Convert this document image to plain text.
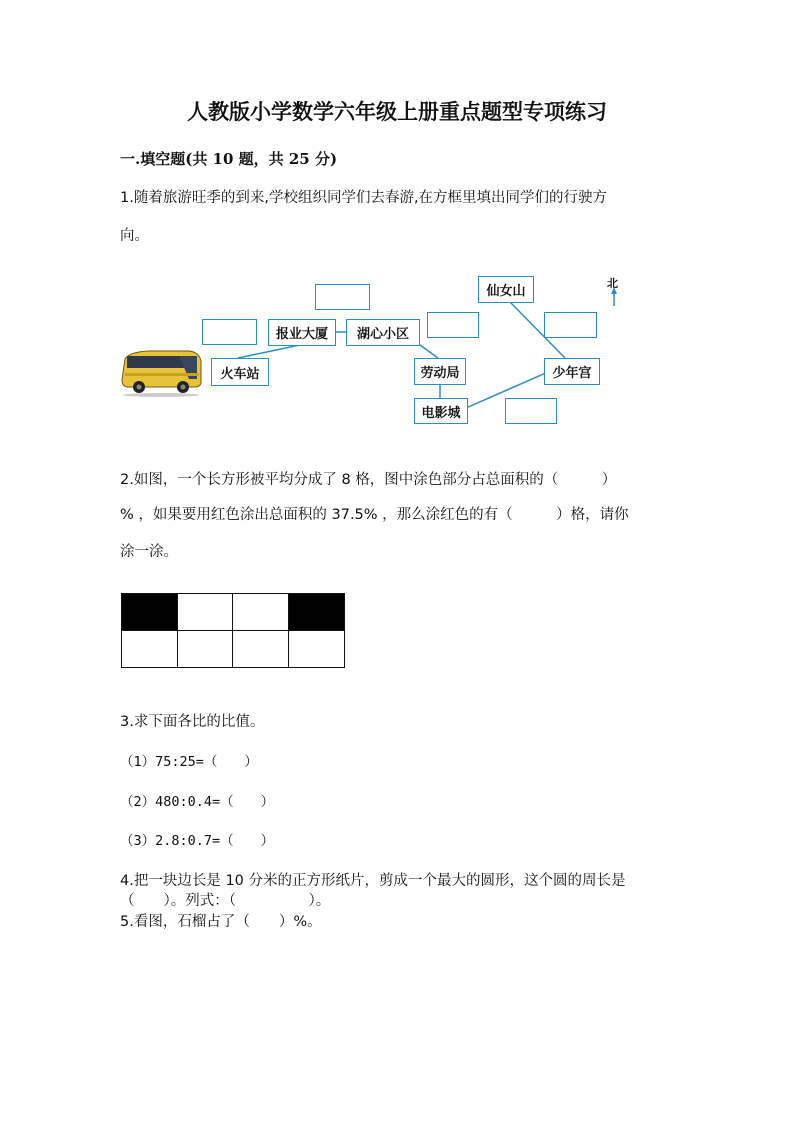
人教版小学数学六年级上册重点题型专项练习
一.填空题(共 10 题，共 25 分)
1.随着旅游旺季的到来,学校组织同学们去春游,在方框里填出同学们的行驶方
向。
北
火车站
报业大厦	湖心小区
劳动局
电影城
仙女山
少年宫
2.如图，一个长方形被平均分成了 8 格，图中涂色部分占总面积的（　　　）
% ，如果要用红色涂出总面积的 37.5% ，那么涂红色的有（　　　）格，请你
涂一涂。
3.求下面各比的比值。
（1）75:25=（　　）
（2）480:0.4=（　　）
（3）2.8:0.7=（　　）
4.把一块边长是 10 分米的正方形纸片，剪成一个最大的圆形，这个圆的周长是
（　　）。列式：（　　　　　）。
5.看图，石榴占了（　　）%。
